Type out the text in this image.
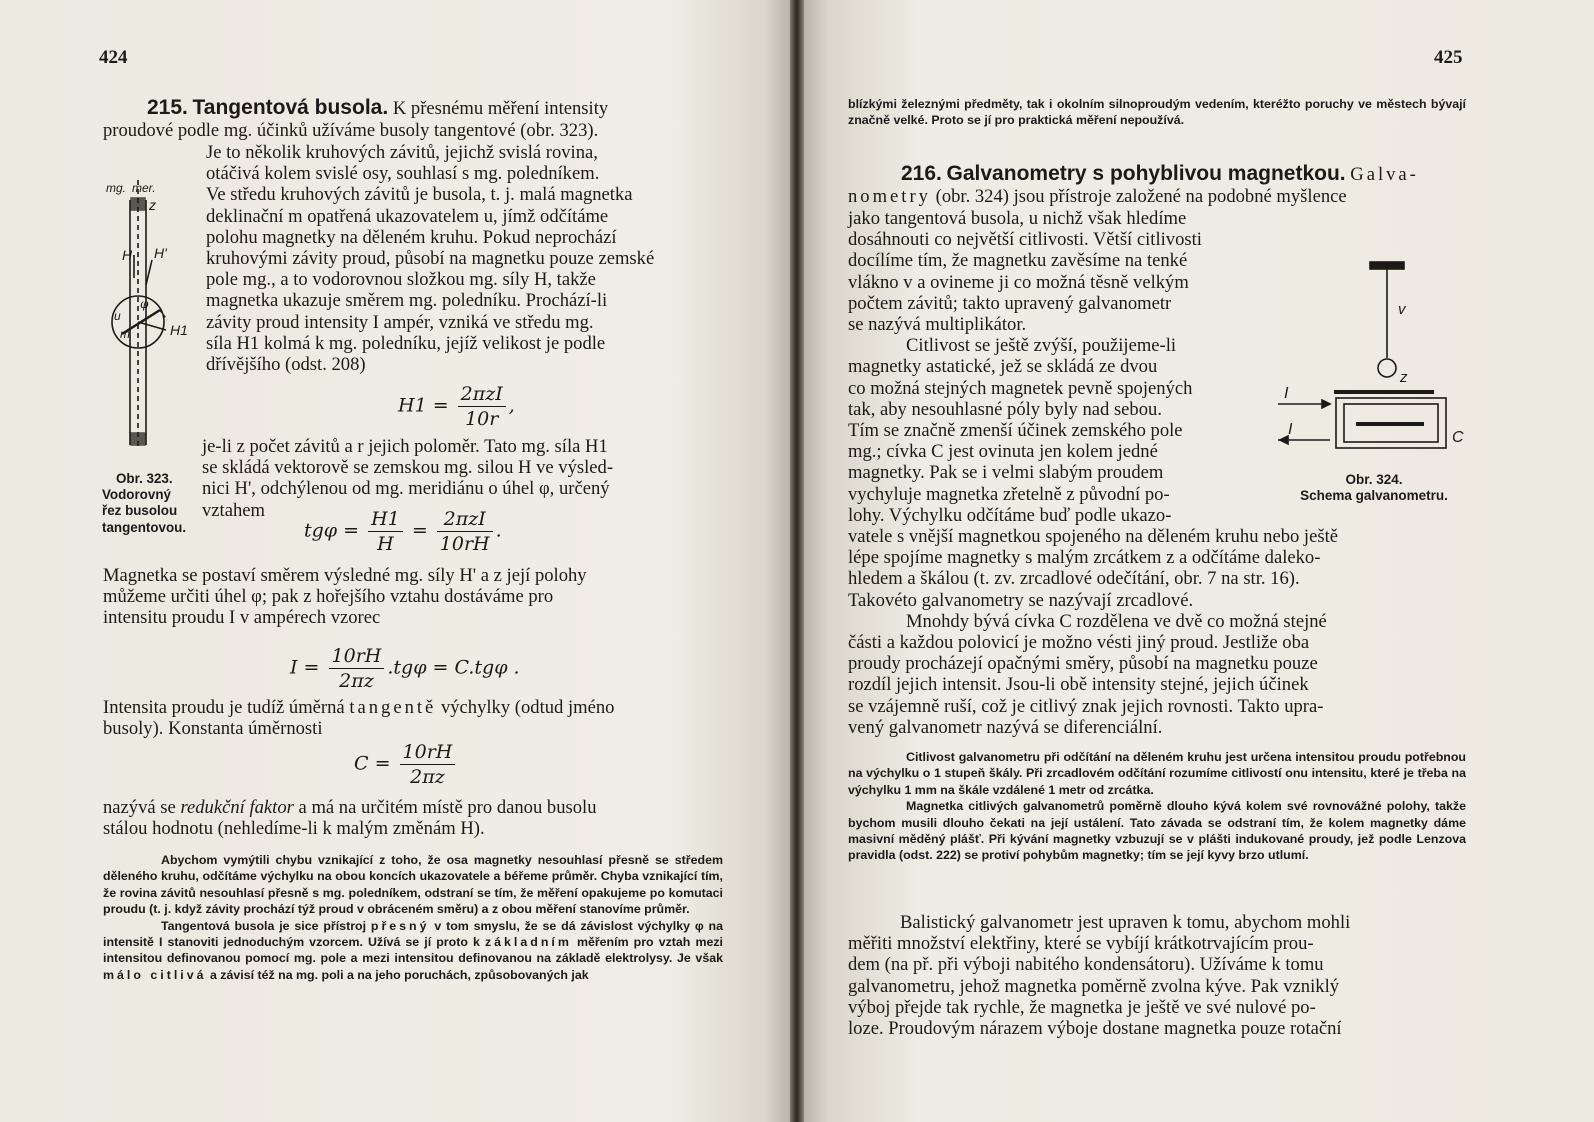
424
215. Tangentová busola. K přesnému měření intensity
proudové podle mg. účinků užíváme busoly tangentové (obr. 323).
mg. mer.
z
H H'
φ
u
m	H1

Je to několik kruhových závitů, jejichž svislá rovina,

otáčivá kolem svislé osy, souhlasí s mg. poledníkem.

Ve středu kruhových závitů je busola, t. j. malá magnetka

deklinační m opatřená ukazovatelem u, jímž odčítáme

polohu magnetky na děleném kruhu. Pokud neprochází

kruhovými závity proud, působí na magnetku pouze zemské

pole mg., a to vodorovnou složkou mg. síly H, takže

magnetka ukazuje směrem mg. poledníku. Prochází-li

závity proud intensity I ampér, vzniká ve středu mg.

síla H1 kolmá k mg. poledníku, jejíž velikost je podle

dřívějšího (odst. 208)

$H1 = \frac{\text{2πzI}}{10r}$ ,

je-li z počet závitů a r jejich poloměr. Tato mg. síla H1

se skládá vektorově se zemskou mg. silou H ve výsled-

nici H', odchýlenou od mg. meridiánu o úhel φ, určený

vztahem

Obr. 323.
Vodorovný
řez busolou
tangentovou.	$tg\varphi = \frac{H1}{H} = \frac{\text{2πzI}}{10rH}$ .

Magnetka se postaví směrem výsledné mg. síly H' a z její polohy

můžeme určiti úhel φ; pak z hořejšího vztahu dostáváme pro

intensitu proudu I v ampérech vzorec

$I = \frac{10rH}{2\pi z} .tg\varphi = C.tg\varphi$ .

Intensita proudu je tudíž úměrná tangentě výchylky (odtud jméno

busoly). Konstanta úměrnosti

$C = \frac{10rH}{2\pi z}$

nazývá se redukční faktor a má na určitém místě pro danou busolu

stálou hodnotu (nehledíme-li k malým změnám H).

Abychom vymýtili chybu vznikající z toho, že osa magnetky nesouhlasí přesně se středem děleného kruhu, odčítáme výchylku na obou koncích ukazovatele a béřeme průměr. Chyba vznikající tím, že rovina závitů nesouhlasí přesně s mg. poledníkem, odstraní se tím, že měření opakujeme po komutaci proudu (t. j. když závity prochází týž proud v obráceném směru) a z obou měření stanovíme průměr.

Tangentová busola je sice přístroj přesný v tom smyslu, že se dá závislost výchylky φ na intensitě I stanoviti jednoduchým vzorcem. Užívá se jí proto k základním měřením pro vztah mezi intensitou definovanou pomocí mg. pole a mezi intensitou definovanou na základě elektrolysy. Je však málo citlivá a závisí též na mg. poli a na jeho poruchách, způsobovaných jak

425
blízkými železnými předměty, tak i okolním silnoproudým vedením, kteréžto poruchy ve městech bývají značně velké. Proto se jí pro praktická měření nepoužívá.
216. Galvanometry s pohyblivou magnetkou. Galva-
nometry (obr. 324) jsou přístroje založené na podobné myšlence

jako tangentová busola, u nichž však hledíme

dosáhnouti co největší citlivosti. Větší citlivosti

docílíme tím, že magnetku zavěsíme na tenké

vlákno v a ovineme ji co možná těsně velkým

počtem závitů; takto upravený galvanometr

se nazývá multiplikátor.

Citlivost se ještě zvýší, použijeme-li

magnetky astatické, jež se skládá ze dvou

co možná stejných magnetek pevně spojených

tak, aby nesouhlasné póly byly nad sebou.

Tím se značně zmenší účinek zemského pole

mg.; cívka C jest ovinuta jen kolem jedné

magnetky. Pak se i velmi slabým proudem

vychyluje magnetka zřetelně z původní po-

lohy. Výchylku odčítáme buď podle ukazo-

v
z
I
I	C
Obr. 324.
Schema galvanometru.

vatele s vnější magnetkou spojeného na děleném kruhu nebo ještě

lépe spojíme magnetky s malým zrcátkem z a odčítáme daleko-

hledem a škálou (t. zv. zrcadlové odečítání, obr. 7 na str. 16).

Takovéto galvanometry se nazývají zrcadlové.

Mnohdy bývá cívka C rozdělena ve dvě co možná stejné

části a každou polovicí je možno vésti jiný proud. Jestliže oba

proudy procházejí opačnými směry, působí na magnetku pouze

rozdíl jejich intensit. Jsou-li obě intensity stejné, jejich účinek

se vzájemně ruší, což je citlivý znak jejich rovnosti. Takto upra-

vený galvanometr nazývá se diferenciální.

Citlivost galvanometru při odčítání na děleném kruhu jest určena intensitou proudu potřebnou na výchylku o 1 stupeň škály. Při zrcadlovém odčítání rozumíme citlivostí onu intensitu, které je třeba na výchylku 1 mm na škále vzdálené 1 metr od zrcátka.

Magnetka citlivých galvanometrů poměrně dlouho kývá kolem své rovnovážné polohy, takže bychom musili dlouho čekati na její ustálení. Tato závada se odstraní tím, že kolem magnetky dáme masivní měděný plášť. Při kývání magnetky vzbuzují se v plášti indukované proudy, jež podle Lenzova pravidla (odst. 222) se protiví pohybům magnetky; tím se její kyvy brzo utlumí.

Balistický galvanometr jest upraven k tomu, abychom mohli

měřiti množství elektřiny, které se vybíjí krátkotrvajícím prou-

dem (na př. při výboji nabitého kondensátoru). Užíváme k tomu

galvanometru, jehož magnetka poměrně zvolna kýve. Pak vzniklý

výboj přejde tak rychle, že magnetka je ještě ve své nulové po-

loze. Proudovým nárazem výboje dostane magnetka pouze rotační
